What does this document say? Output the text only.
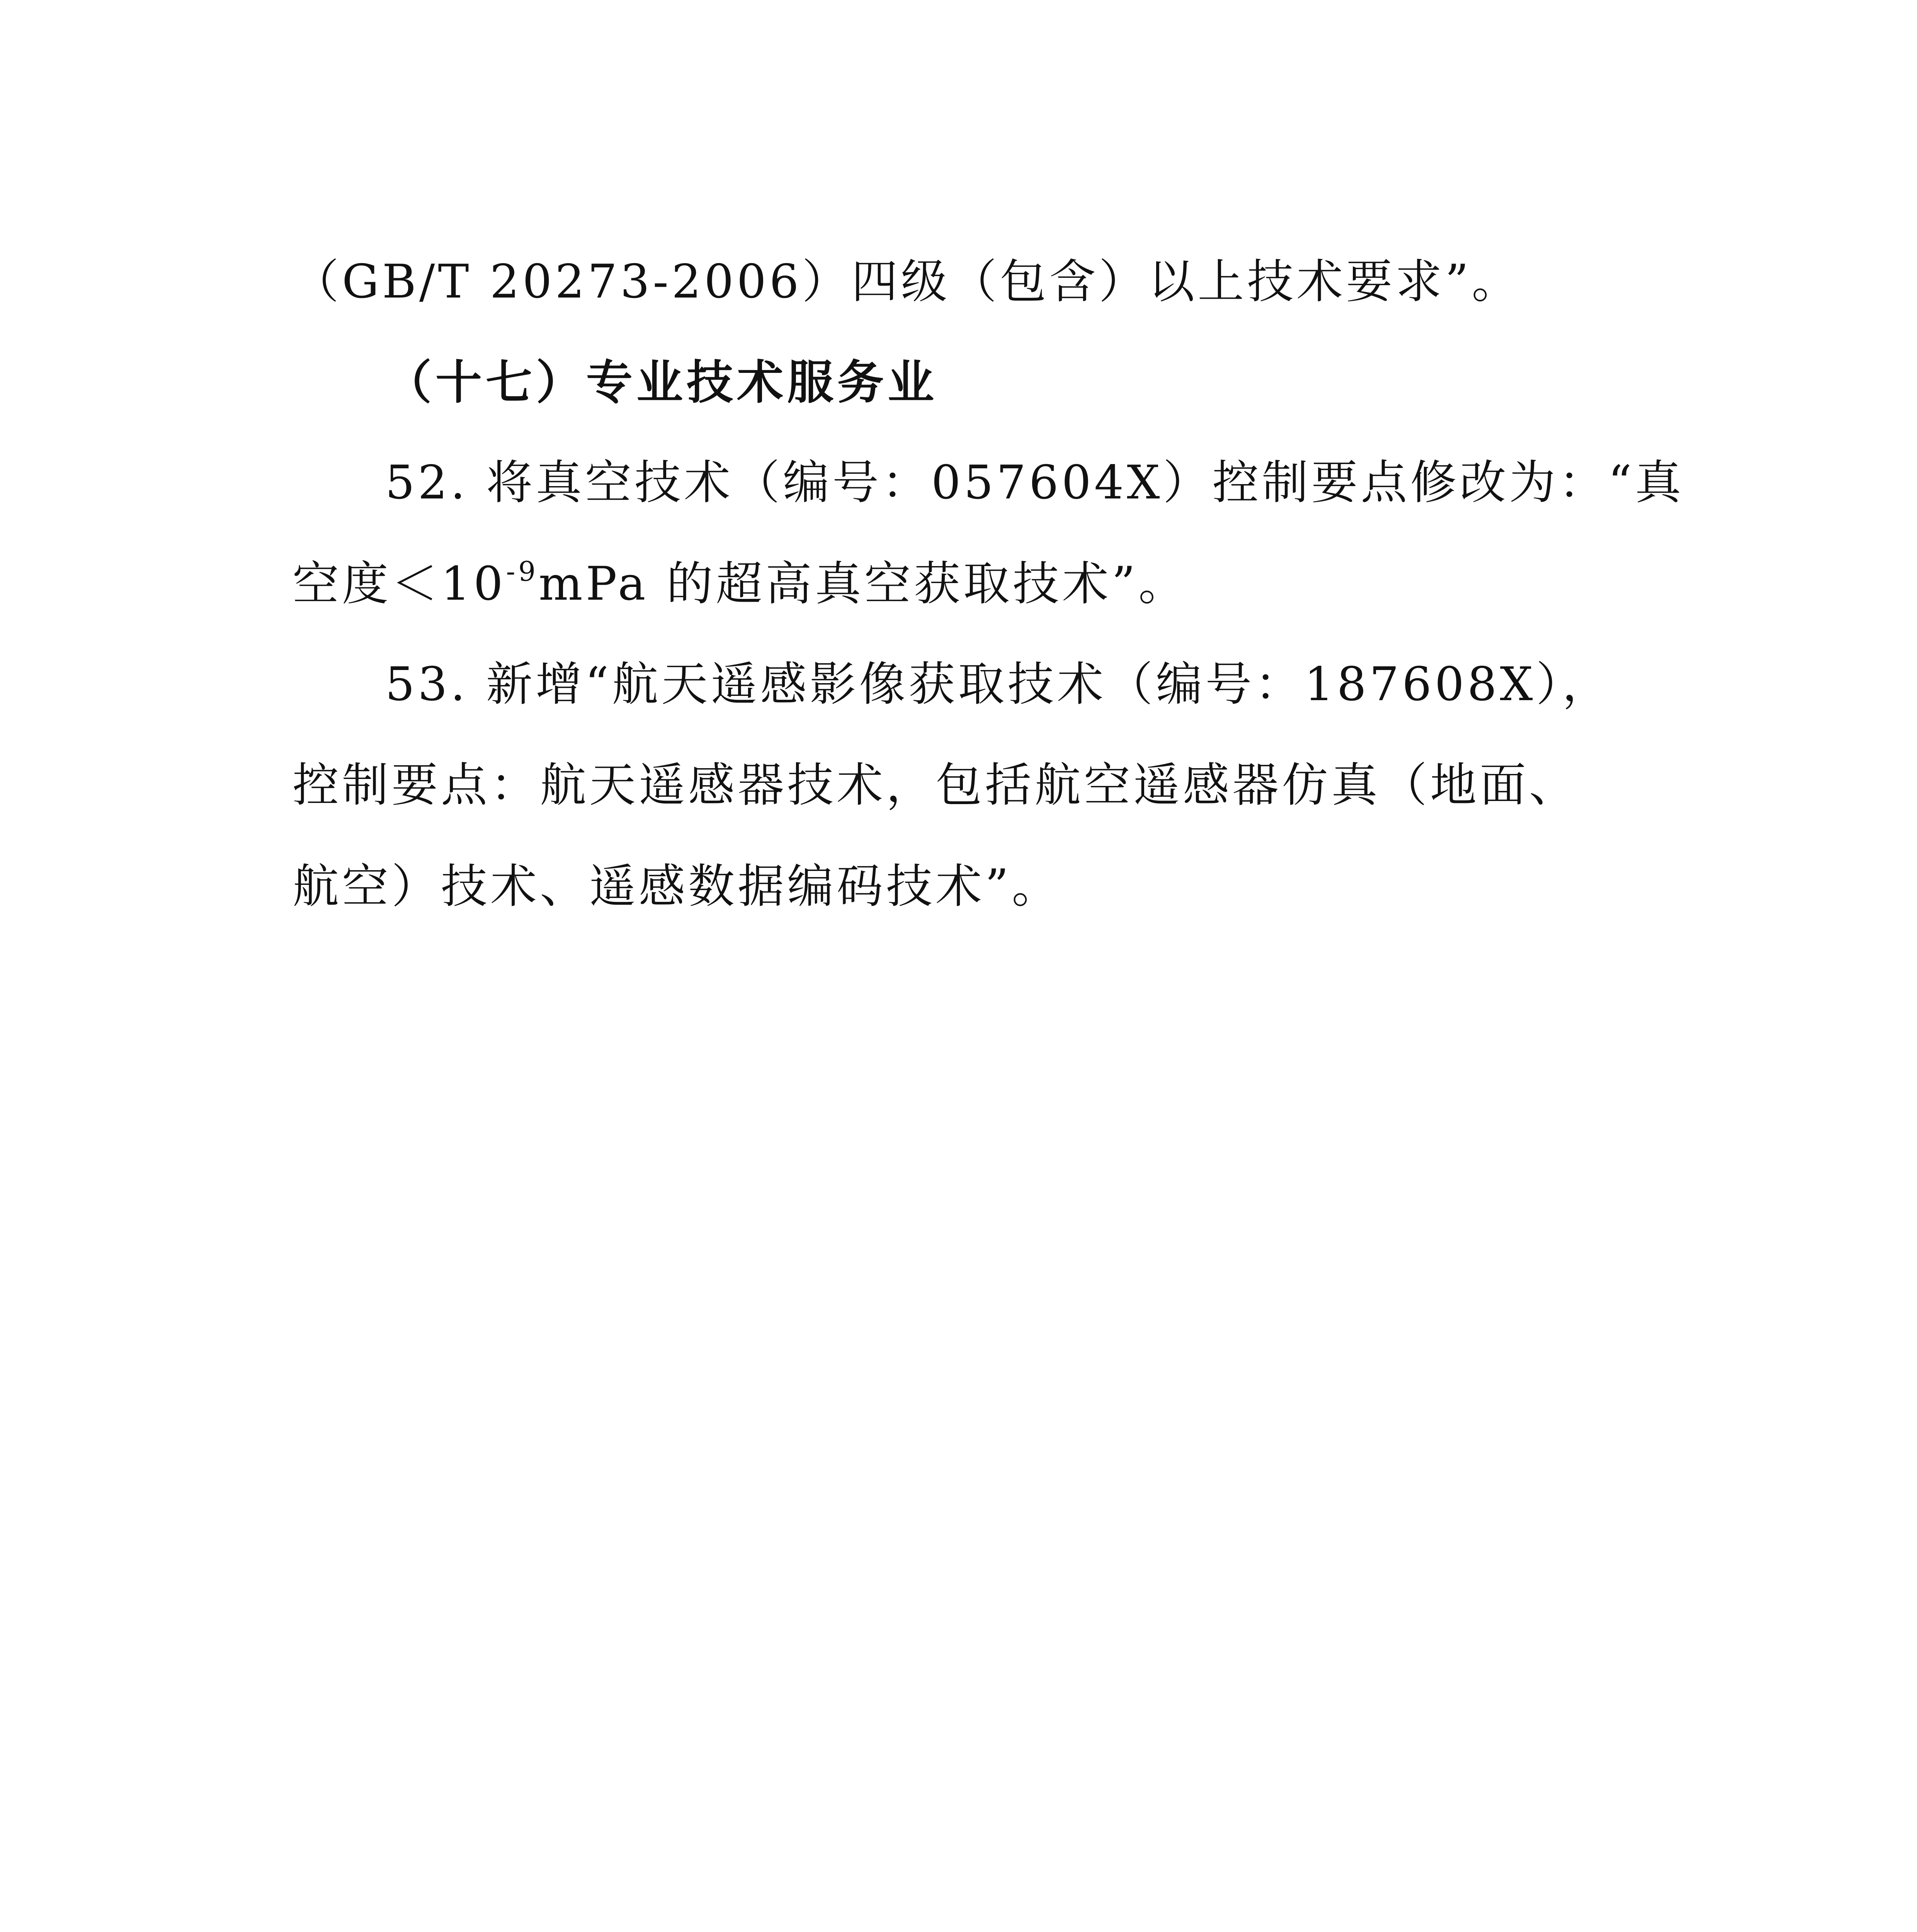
（GB/T 20273-2006）四级（包含）以上技术要求”。
（十七）专业技术服务业
52. 将真空技术（编号：057604X）控制要点修改为：“真
空度$<10^{-9}mPa$ 的超高真空获取技术”。
53. 新增“航天遥感影像获取技术（编号：187608X），
控制要点：航天遥感器技术，包括航空遥感器仿真（地面、
航空）技术、遥感数据编码技术”。
